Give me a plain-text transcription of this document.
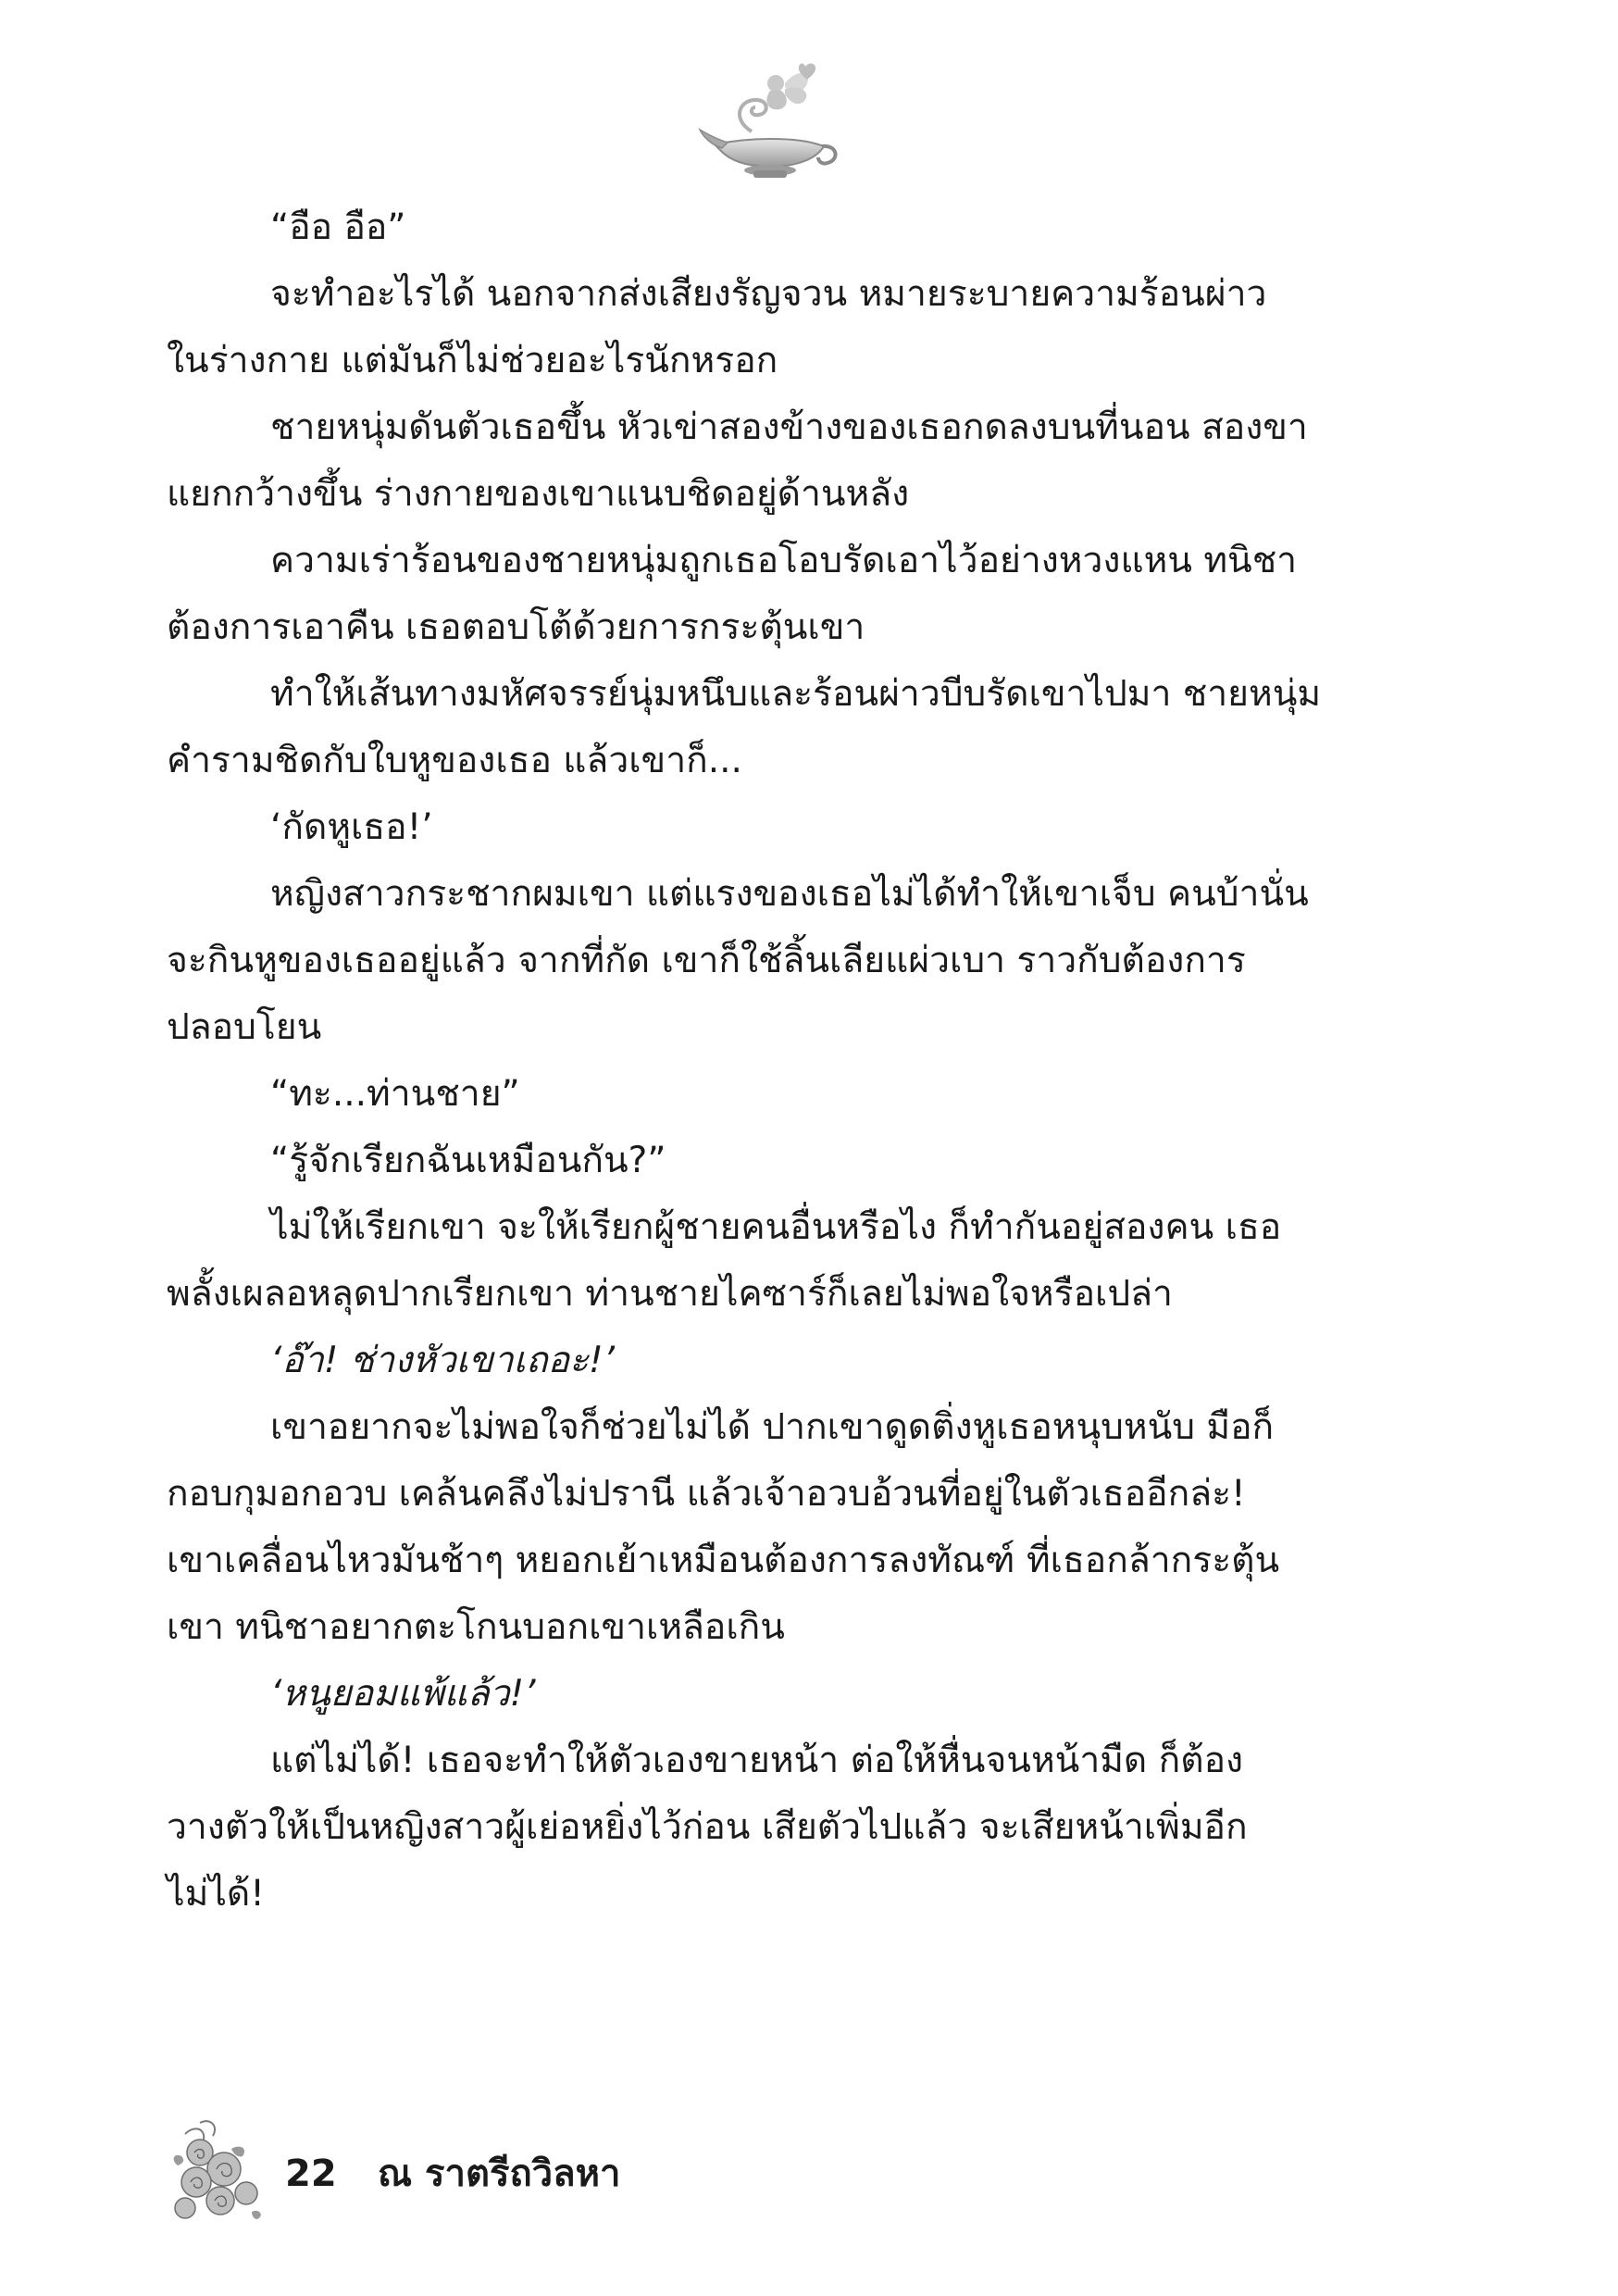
“อือ อือ”

จะทำอะไรได้ นอกจากส่งเสียงรัญจวน หมายระบายความร้อนผ่าว
ในร่างกาย แต่มันก็ไม่ช่วยอะไรนักหรอก

ชายหนุ่มดันตัวเธอขึ้น หัวเข่าสองข้างของเธอกดลงบนที่นอน สองขา
แยกกว้างขึ้น ร่างกายของเขาแนบชิดอยู่ด้านหลัง

ความเร่าร้อนของชายหนุ่มถูกเธอโอบรัดเอาไว้อย่างหวงแหน ทนิชา
ต้องการเอาคืน เธอตอบโต้ด้วยการกระตุ้นเขา

ทำให้เส้นทางมหัศจรรย์นุ่มหนึบและร้อนผ่าวบีบรัดเขาไปมา ชายหนุ่ม
คำรามชิดกับใบหูของเธอ แล้วเขาก็...

‘กัดหูเธอ!’

หญิงสาวกระชากผมเขา แต่แรงของเธอไม่ได้ทำให้เขาเจ็บ คนบ้านั่น
จะกินหูของเธออยู่แล้ว จากที่กัด เขาก็ใช้ลิ้นเลียแผ่วเบา ราวกับต้องการ
ปลอบโยน

“ทะ...ท่านชาย”

“รู้จักเรียกฉันเหมือนกัน?”

ไม่ให้เรียกเขา จะให้เรียกผู้ชายคนอื่นหรือไง ก็ทำกันอยู่สองคน เธอ
พลั้งเผลอหลุดปากเรียกเขา ท่านชายไคซาร์ก็เลยไม่พอใจหรือเปล่า

‘อ๊า! ช่างหัวเขาเถอะ!’

เขาอยากจะไม่พอใจก็ช่วยไม่ได้ ปากเขาดูดติ่งหูเธอหนุบหนับ มือก็
กอบกุมอกอวบ เคล้นคลึงไม่ปรานี แล้วเจ้าอวบอ้วนที่อยู่ในตัวเธออีกล่ะ!
เขาเคลื่อนไหวมันช้าๆ หยอกเย้าเหมือนต้องการลงทัณฑ์ ที่เธอกล้ากระตุ้น
เขา ทนิชาอยากตะโกนบอกเขาเหลือเกิน

‘หนูยอมแพ้แล้ว!’

แต่ไม่ได้! เธอจะทำให้ตัวเองขายหน้า ต่อให้หื่นจนหน้ามืด ก็ต้อง
วางตัวให้เป็นหญิงสาวผู้เย่อหยิ่งไว้ก่อน เสียตัวไปแล้ว จะเสียหน้าเพิ่มอีก
ไม่ได้!

22 ณ ราตรีถวิลหา
